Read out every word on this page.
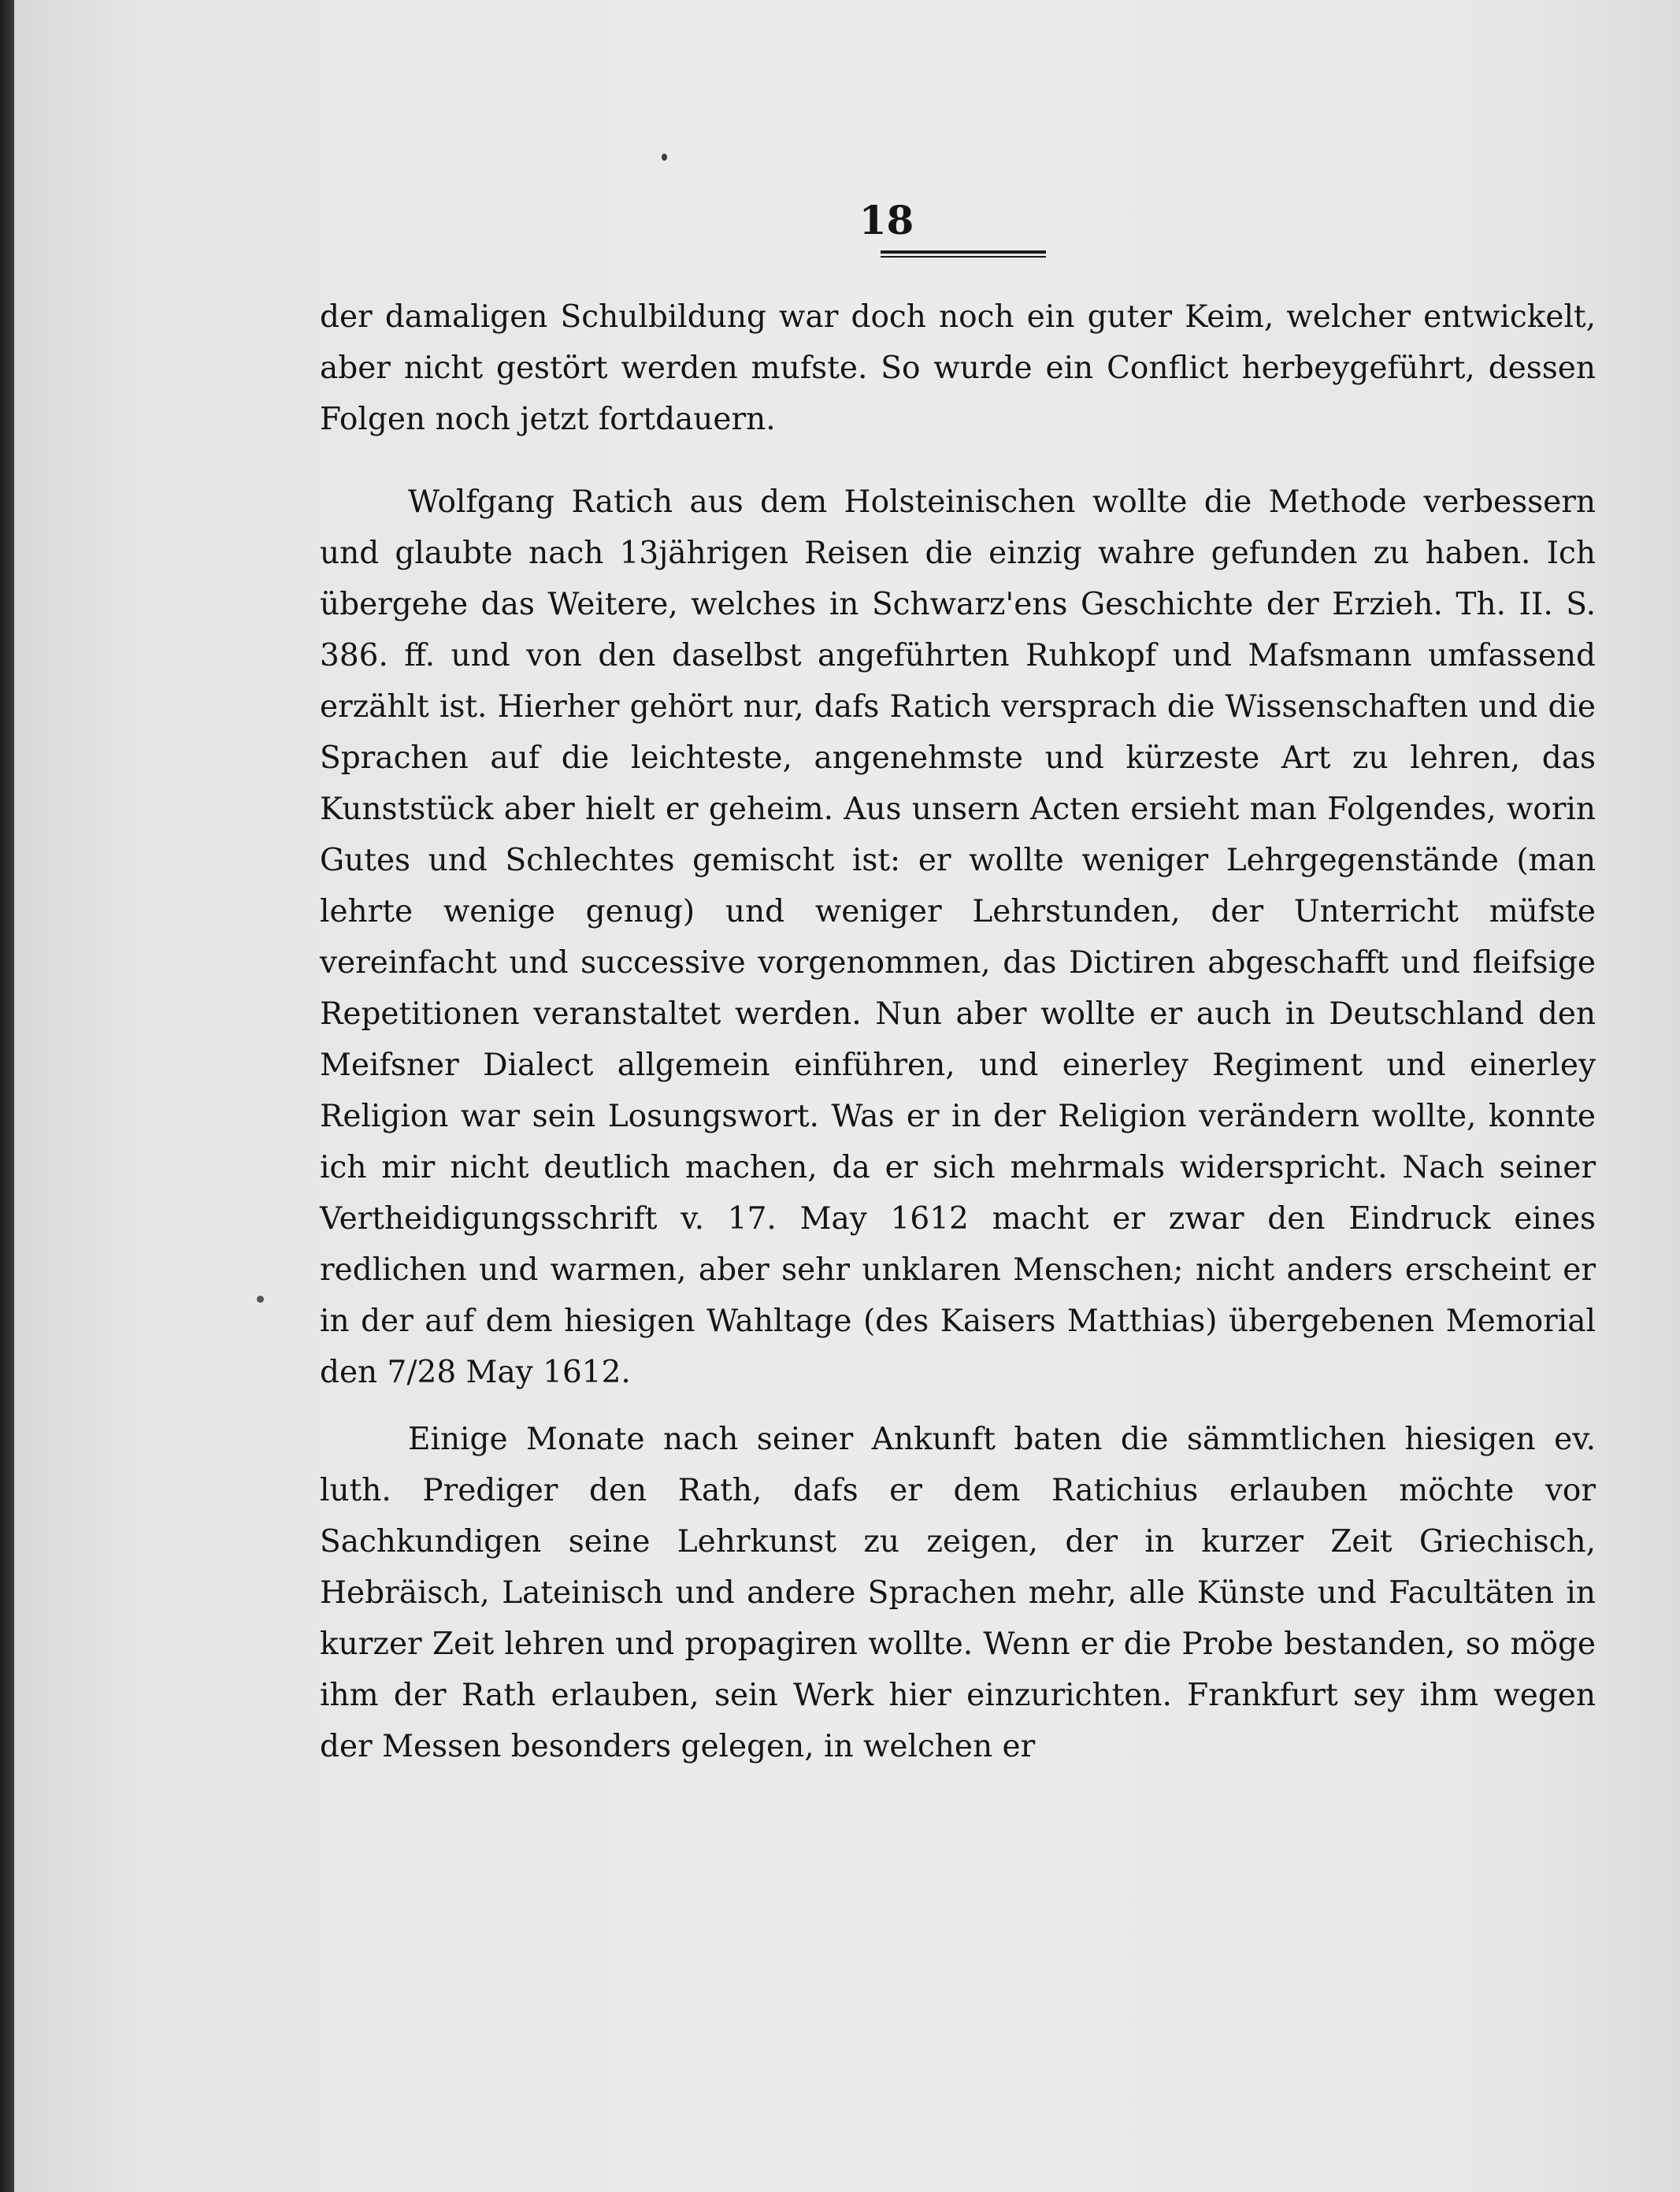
18

der damaligen Schulbildung war doch noch ein guter Keim, welcher entwickelt, aber nicht gestört werden mufste. So wurde ein Conflict herbeygeführt, dessen Folgen noch jetzt fortdauern.

Wolfgang Ratich aus dem Holsteinischen wollte die Methode verbessern und glaubte nach 13jährigen Reisen die einzig wahre gefunden zu haben. Ich übergehe das Weitere, welches in Schwarz'ens Geschichte der Erzieh. Th. II. S. 386. ff. und von den daselbst angeführten Ruhkopf und Mafsmann umfassend erzählt ist. Hierher gehört nur, dafs Ratich versprach die Wissenschaften und die Sprachen auf die leichteste, angenehmste und kürzeste Art zu lehren, das Kunststück aber hielt er geheim. Aus unsern Acten ersieht man Folgendes, worin Gutes und Schlechtes gemischt ist: er wollte weniger Lehrgegenstände (man lehrte wenige genug) und weniger Lehrstunden, der Unterricht müfste vereinfacht und successive vorgenommen, das Dictiren abgeschafft und fleifsige Repetitionen veranstaltet werden. Nun aber wollte er auch in Deutschland den Meifsner Dialect allgemein einführen, und einerley Regiment und einerley Religion war sein Losungswort. Was er in der Religion verändern wollte, konnte ich mir nicht deutlich machen, da er sich mehrmals widerspricht. Nach seiner Vertheidigungsschrift v. 17. May 1612 macht er zwar den Eindruck eines redlichen und warmen, aber sehr unklaren Menschen; nicht anders erscheint er in der auf dem hiesigen Wahltage (des Kaisers Matthias) übergebenen Memorial den 7/28 May 1612.

Einige Monate nach seiner Ankunft baten die sämmtlichen hiesigen ev. luth. Prediger den Rath, dafs er dem Ratichius erlauben möchte vor Sachkundigen seine Lehrkunst zu zeigen, der in kurzer Zeit Griechisch, Hebräisch, Lateinisch und andere Sprachen mehr, alle Künste und Facultäten in kurzer Zeit lehren und propagiren wollte. Wenn er die Probe bestanden, so möge ihm der Rath erlauben, sein Werk hier einzurichten. Frankfurt sey ihm wegen der Messen besonders gelegen, in welchen er
